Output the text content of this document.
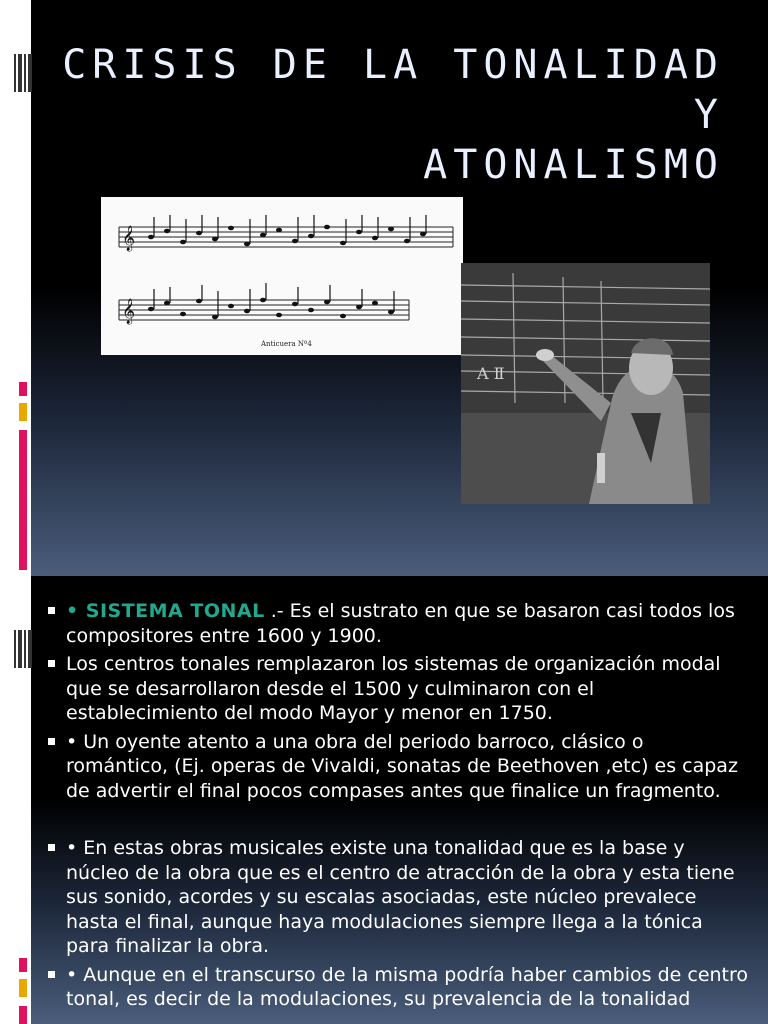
CRISIS DE LA TONALIDAD Y
ATONALISMO
𝄞
𝄞
Anticuera Nº4
A Ⅱ
• SISTEMA TONAL .- Es el sustrato en que se basaron casi todos los compositores entre 1600 y 1900.
Los centros tonales remplazaron los sistemas de organización modal que se desarrollaron desde el 1500 y culminaron con el establecimiento del modo Mayor y menor en 1750.
• Un oyente atento a una obra del periodo barroco, clásico o romántico, (Ej. operas de Vivaldi, sonatas de Beethoven ,etc) es capaz de advertir el final pocos compases antes que finalice un fragmento.
• En estas obras musicales existe una tonalidad que es la base y núcleo de la obra que es el centro de atracción de la obra y esta tiene sus sonido, acordes y su escalas asociadas, este núcleo prevalece hasta el final, aunque haya modulaciones siempre llega a la tónica para finalizar la obra.
• Aunque en el transcurso de la misma podría haber cambios de centro tonal, es decir de la modulaciones, su prevalencia de la tonalidad
